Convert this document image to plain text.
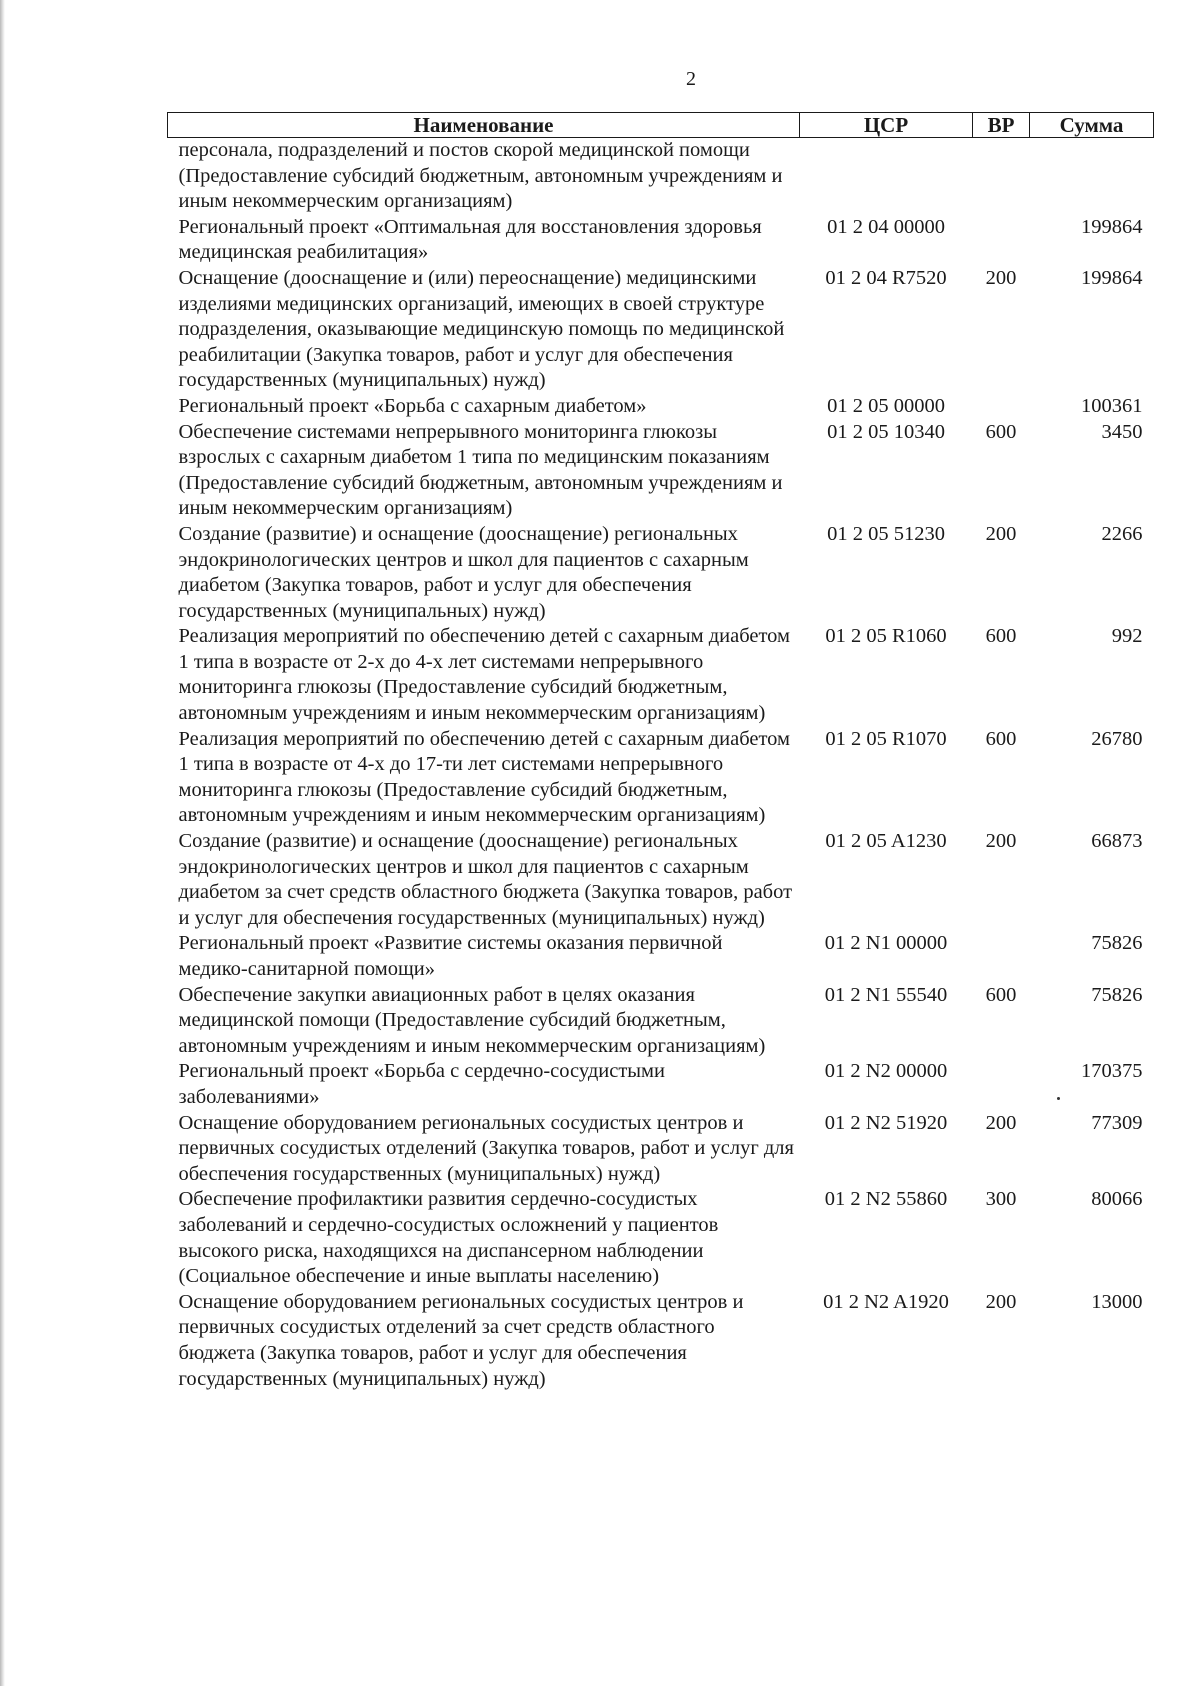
2
Наименование	ЦСР	ВР	Сумма
персонала, подразделений и постов скорой медицинской помощи (Предоставление субсидий бюджетным, автономным учреждениям и иным некоммерческим организациям)			
Региональный проект «Оптимальная для восстановления здоровья медицинская реабилитация»	01 2 04 00000		199864
Оснащение (дооснащение и (или) переоснащение) медицинскими изделиями медицинских организаций, имеющих в своей структуре подразделения, оказывающие медицинскую помощь по медицинской реабилитации (Закупка товаров, работ и услуг для обеспечения государственных (муниципальных) нужд)	01 2 04 R7520	200	199864
Региональный проект «Борьба с сахарным диабетом»	01 2 05 00000		100361
Обеспечение системами непрерывного мониторинга глюкозы взрослых с сахарным диабетом 1 типа по медицинским показаниям (Предоставление субсидий бюджетным, автономным учреждениям и иным некоммерческим организациям)	01 2 05 10340	600	3450
Создание (развитие) и оснащение (дооснащение) региональных эндокринологических центров и школ для пациентов с сахарным диабетом (Закупка товаров, работ и услуг для обеспечения государственных (муниципальных) нужд)	01 2 05 51230	200	2266
Реализация мероприятий по обеспечению детей с сахарным диабетом 1 типа в возрасте от 2-х до 4-х лет системами непрерывного мониторинга глюкозы (Предоставление субсидий бюджетным, автономным учреждениям и иным некоммерческим организациям)	01 2 05 R1060	600	992
Реализация мероприятий по обеспечению детей с сахарным диабетом 1 типа в возрасте от 4-х до 17-ти лет системами непрерывного мониторинга глюкозы (Предоставление субсидий бюджетным, автономным учреждениям и иным некоммерческим организациям)	01 2 05 R1070	600	26780
Создание (развитие) и оснащение (дооснащение) региональных эндокринологических центров и школ для пациентов с сахарным диабетом за счет средств областного бюджета (Закупка товаров, работ и услуг для обеспечения государственных (муниципальных) нужд)	01 2 05 A1230	200	66873
Региональный проект «Развитие системы оказания первичной медико-санитарной помощи»	01 2 N1 00000		75826
Обеспечение закупки авиационных работ в целях оказания медицинской помощи (Предоставление субсидий бюджетным, автономным учреждениям и иным некоммерческим организациям)	01 2 N1 55540	600	75826
Региональный проект «Борьба с сердечно-сосудистыми заболеваниями»	01 2 N2 00000		170375
Оснащение оборудованием региональных сосудистых центров и первичных сосудистых отделений (Закупка товаров, работ и услуг для обеспечения государственных (муниципальных) нужд)	01 2 N2 51920	200	77309
Обеспечение профилактики развития сердечно-сосудистых заболеваний и сердечно-сосудистых осложнений у пациентов высокого риска, находящихся на диспансерном наблюдении (Социальное обеспечение и иные выплаты населению)	01 2 N2 55860	300	80066
Оснащение оборудованием региональных сосудистых центров и первичных сосудистых отделений за счет средств областного бюджета (Закупка товаров, работ и услуг для обеспечения государственных (муниципальных) нужд)	01 2 N2 A1920	200	13000
